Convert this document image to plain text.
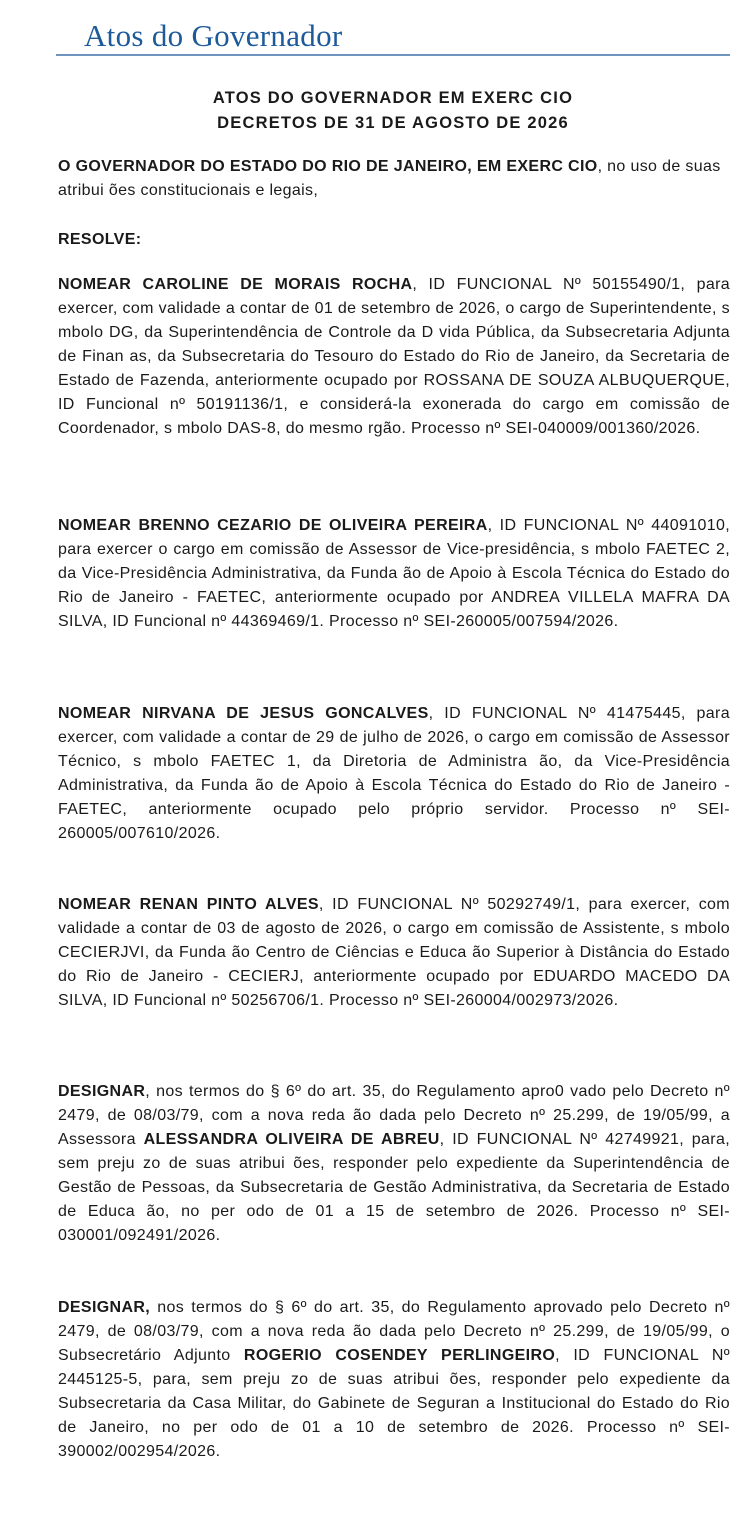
Atos do Governador
ATOS DO GOVERNADOR EM EXERC CIO
DECRETOS DE 31 DE AGOSTO DE 2026
O GOVERNADOR DO ESTADO DO RIO DE JANEIRO, EM EXERC CIO, no uso de suas atribui ões constitucionais e legais,
RESOLVE:
NOMEAR CAROLINE DE MORAIS ROCHA, ID FUNCIONAL Nº 50155490/1, para exercer, com validade a contar de 01 de setembro de 2026, o cargo de Superintendente, s mbolo DG, da Superintendência de Controle da D vida Pública, da Subsecretaria Adjunta de Finan as, da Subsecretaria do Tesouro do Estado do Rio de Janeiro, da Secretaria de Estado de Fazenda, anteriormente ocupado por ROSSANA DE SOUZA ALBUQUERQUE, ID Funcional nº 50191136/1, e considerá-la exonerada do cargo em comissão de Coordenador, s mbolo DAS-8, do mesmo rgão. Processo nº SEI-040009/001360/2026.
NOMEAR BRENNO CEZARIO DE OLIVEIRA PEREIRA, ID FUNCIONAL Nº 44091010, para exercer o cargo em comissão de Assessor de Vice-presidência, s mbolo FAETEC 2, da Vice-Presidência Administrativa, da Funda ão de Apoio à Escola Técnica do Estado do Rio de Janeiro - FAETEC, anteriormente ocupado por ANDREA VILLELA MAFRA DA SILVA, ID Funcional nº 44369469/1. Processo nº SEI-260005/007594/2026.
NOMEAR NIRVANA DE JESUS GONCALVES, ID FUNCIONAL Nº 41475445, para exercer, com validade a contar de 29 de julho de 2026, o cargo em comissão de Assessor Técnico, s mbolo FAETEC 1, da Diretoria de Administra ão, da Vice-Presidência Administrativa, da Funda ão de Apoio à Escola Técnica do Estado do Rio de Janeiro - FAETEC, anteriormente ocupado pelo próprio servidor. Processo nº SEI-260005/007610/2026.
NOMEAR RENAN PINTO ALVES, ID FUNCIONAL Nº 50292749/1, para exercer, com validade a contar de 03 de agosto de 2026, o cargo em comissão de Assistente, s mbolo CECIERJVI, da Funda ão Centro de Ciências e Educa ão Superior à Distância do Estado do Rio de Janeiro - CECIERJ, anteriormente ocupado por EDUARDO MACEDO DA SILVA, ID Funcional nº 50256706/1. Processo nº SEI-260004/002973/2026.
DESIGNAR, nos termos do § 6º do art. 35, do Regulamento apro0 vado pelo Decreto nº 2479, de 08/03/79, com a nova reda ão dada pelo Decreto nº 25.299, de 19/05/99, a Assessora ALESSANDRA OLIVEIRA DE ABREU, ID FUNCIONAL Nº 42749921, para, sem preju zo de suas atribui ões, responder pelo expediente da Superintendência de Gestão de Pessoas, da Subsecretaria de Gestão Administrativa, da Secretaria de Estado de Educa ão, no per odo de 01 a 15 de setembro de 2026. Processo nº SEI-030001/092491/2026.
DESIGNAR, nos termos do § 6º do art. 35, do Regulamento aprovado pelo Decreto nº 2479, de 08/03/79, com a nova reda ão dada pelo Decreto nº 25.299, de 19/05/99, o Subsecretário Adjunto ROGERIO COSENDEY PERLINGEIRO, ID FUNCIONAL Nº 2445125-5, para, sem preju zo de suas atribui ões, responder pelo expediente da Subsecretaria da Casa Militar, do Gabinete de Seguran a Institucional do Estado do Rio de Janeiro, no per odo de 01 a 10 de setembro de 2026. Processo nº SEI-390002/002954/2026.
